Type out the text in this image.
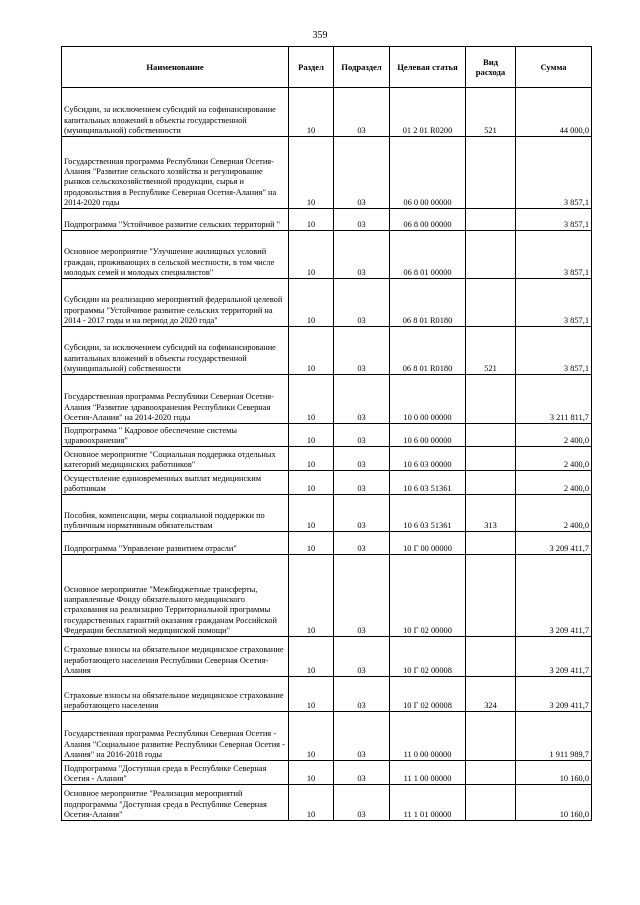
359
Наименование	Раздел	Подраздел	Целевая статья	Вид расхода	Сумма
Субсидии, за исключением субсидий на софинансирование капитальных вложений в объекты государственной (муниципальной) собственности	10	03	01 2 01 R0200	521	44 000,0
Государственная программа Республики Северная Осетия-Алания "Развитие сельского хозяйства и регулирование рынков сельскохозяйственной продукции, сырья и продовольствия в Республике Северная Осетия-Алания" на 2014-2020 годы	10	03	06 0 00 00000		3 857,1
Подпрограмма "Устойчивое развитие сельских территорий "	10	03	06 8 00 00000		3 857,1
Основное мероприятие "Улучшение жилищных условий граждан, проживающих в сельской местности, в том числе молодых семей и молодых специалистов"	10	03	06 8 01 00000		3 857,1
Субсидии на реализацию мероприятий федеральной целевой программы "Устойчивое развитие сельских территорий на 2014 - 2017 годы и на период до 2020 года"	10	03	06 8 01 R0180		3 857,1
Субсидии, за исключением субсидий на софинансирование капитальных вложений в объекты государственной (муниципальной) собственности	10	03	06 8 01 R0180	521	3 857,1
Государственная программа Республики Северная Осетия-Алания "Развитие здравоохранения Республики Северная Осетия-Алания" на 2014-2020 годы	10	03	10 0 00 00000		3 211 811,7
Подпрограмма " Кадровое обеспечение системы здравоохранения"	10	03	10 6 00 00000		2 400,0
Основное мероприятие "Социальная поддержка отдельных категорий медицинских работников"	10	03	10 6 03 00000		2 400,0
Осуществление единовременных выплат медицинским работникам	10	03	10 6 03 51361		2 400,0
Пособия, компенсации, меры социальной поддержки по публичным нормативным обязательствам	10	03	10 6 03 51361	313	2 400,0
Подпрограмма "Управление развитием отрасли"	10	03	10 Г 00 00000		3 209 411,7
Основное мероприятие "Межбюджетные трансферты, направленные Фонду обязательного медицинского страхования на реализацию Территориальной программы государственных гарантий оказания гражданам Российской Федерации бесплатной медицинской помощи"	10	03	10 Г 02 00000		3 209 411,7
Страховые взносы на обязательное медицинское страхование неработающего населения Республики Северная Осетия-Алания	10	03	10 Г 02 00008		3 209 411,7
Страховые взносы на обязательное медицинское страхование неработающего населения	10	03	10 Г 02 00008	324	3 209 411,7
Государственная программа Республики Северная Осетия - Алания "Социальное развитие Республики Северная Осетия - Алания" на 2016-2018 годы	10	03	11 0 00 00000		1 911 989,7
Подпрограмма "Доступная среда в Республике Северная Осетия - Алания"	10	03	11 1 00 00000		10 160,0
Основное мероприятие "Реализация мероприятий подпрограммы "Доступная среда в Республике Северная Осетия-Алания"	10	03	11 1 01 00000		10 160,0
